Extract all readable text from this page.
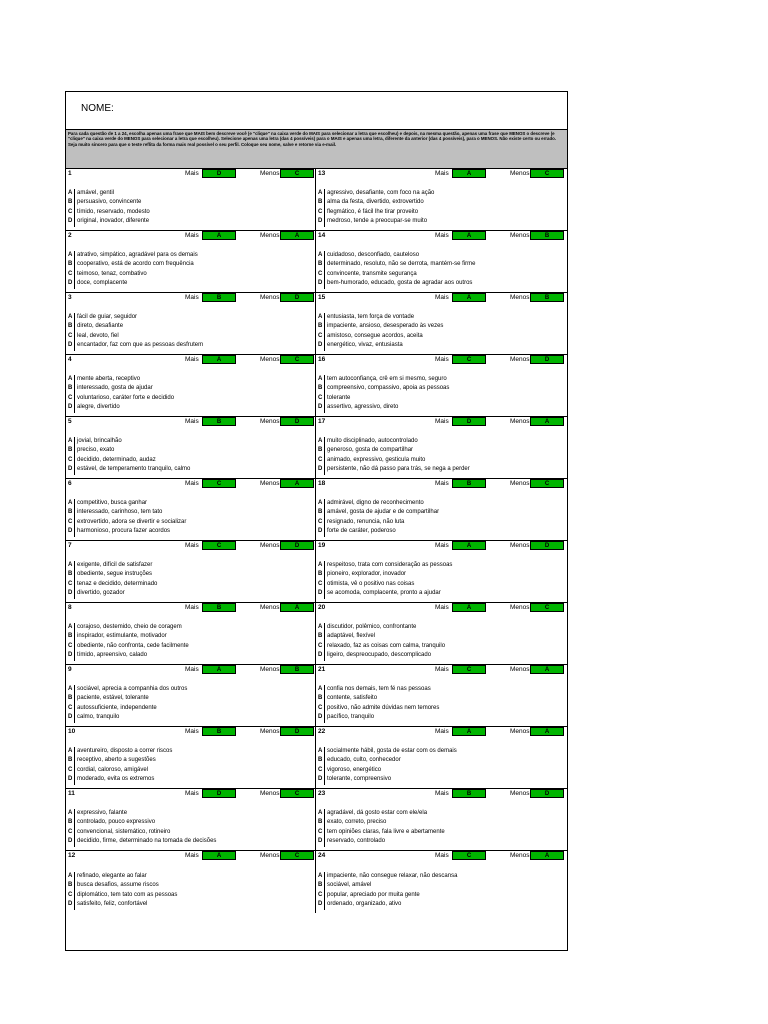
NOME:
Para cada questão de 1 a 24, escolha apenas uma frase que MAIS bem descreve você (e "clique" na caixa verde do MAIS para selecionar a letra que escolheu) e depois, na mesma questão, apenas uma frase que MENOS o descreve (e "clique" na caixa verde do MENOS para selecionar a letra que escolheu). Selecione apenas uma letra (das 4 possíveis) para o MAIS e apenas uma letra, diferente da anterior (das 4 possíveis), para o MENOS. Não existe certo ou errado. Seja muito sincero para que o teste reflita da forma mais real possível o seu perfil. Coloque seu nome, salve e retorne via e-mail.
1	Mais	D	Menos	C
A amável, gentil
B persuasivo, convincente
C tímido, reservado, modesto
D original, inovador, diferente
13	Mais	A	Menos	C
A agressivo, desafiante, com foco na ação
B alma da festa, divertido, extrovertido
C flegmático, é fácil lhe tirar proveito
D medroso, tende a preocupar-se muito
2	Mais	A	Menos	A
A atrativo, simpático, agradável para os demais
B cooperativo, está de acordo com frequência
C teimoso, tenaz, combativo
D doce, complacente
14	Mais	A	Menos	B
A cuidadoso, desconfiado, cauteloso
B determinado, resoluto, não se derrota, mantém-se firme
C convincente, transmite segurança
D bem-humorado, educado, gosta de agradar aos outros
3	Mais	B	Menos	D
A fácil de guiar, seguidor
B direto, desafiante
C leal, devoto, fiel
D encantador, faz com que as pessoas desfrutem
15	Mais	A	Menos	B
A entusiasta, tem força de vontade
B impaciente, ansioso, desesperado às vezes
C amistoso, consegue acordos, aceita
D energético, vivaz, entusiasta
4	Mais	A	Menos	C
A mente aberta, receptivo
B interessado, gosta de ajudar
C voluntarioso, caráter forte e decidido
D alegre, divertido
16	Mais	C	Menos	D
A tem autoconfiança, crê em si mesmo, seguro
B compreensivo, compassivo, apoia as pessoas
C tolerante
D assertivo, agressivo, direto
5	Mais	B	Menos	D
A jovial, brincalhão
B preciso, exato
C decidido, determinado, audaz
D estável, de temperamento tranquilo, calmo
17	Mais	D	Menos	A
A muito disciplinado, autocontrolado
B generoso, gosta de compartilhar
C animado, expressivo, gesticula muito
D persistente, não dá passo para trás, se nega a perder
6	Mais	C	Menos	A
A competitivo, busca ganhar
B interessado, carinhoso, tem tato
C extrovertido, adora se divertir e socializar
D harmonioso, procura fazer acordos
18	Mais	B	Menos	C
A admirável, digno de reconhecimento
B amável, gosta de ajudar e de compartilhar
C resignado, renuncia, não luta
D forte de caráter, poderoso
7	Mais	C	Menos	D
A exigente, difícil de satisfazer
B obediente, segue instruções
C tenaz e decidido, determinado
D divertido, gozador
19	Mais	A	Menos	D
A respeitoso, trata com consideração as pessoas
B pioneiro, explorador, inovador
C otimista, vê o positivo nas coisas
D se acomoda, complacente, pronto a ajudar
8	Mais	B	Menos	A
A corajoso, destemido, cheio de coragem
B inspirador, estimulante, motivador
C obediente, não confronta, cede facilmente
D tímido, apreensivo, calado
20	Mais	A	Menos	C
A discutidor, polêmico, confrontante
B adaptável, flexível
C relaxado, faz as coisas com calma, tranquilo
D ligeiro, despreocupado, descomplicado
9	Mais	A	Menos	B
A sociável, aprecia a companhia dos outros
B paciente, estável, tolerante
C autossuficiente, independente
D calmo, tranquilo
21	Mais	C	Menos	A
A confia nos demais, tem fé nas pessoas
B contente, satisfeito
C positivo, não admite dúvidas nem temores
D pacífico, tranquilo
10	Mais	B	Menos	D
A aventureiro, disposto a correr riscos
B receptivo, aberto a sugestões
C cordial, caloroso, amigável
D moderado, evita os extremos
22	Mais	A	Menos	A
A socialmente hábil, gosta de estar com os demais
B educado, culto, conhecedor
C vigoroso, energético
D tolerante, compreensivo
11	Mais	D	Menos	C
A expressivo, falante
B controlado, pouco expressivo
C convencional, sistemático, rotineiro
D decidido, firme, determinado na tomada de decisões
23	Mais	B	Menos	D
A agradável, dá gosto estar com ele/ela
B exato, correto, preciso
C tem opiniões claras, fala livre e abertamente
D reservado, controlado
12	Mais	A	Menos	C
A refinado, elegante ao falar
B busca desafios, assume riscos
C diplomático, tem tato com as pessoas
D satisfeito, feliz, confortável
24	Mais	C	Menos	A
A impaciente, não consegue relaxar, não descansa
B sociável, amável
C popular, apreciado por muita gente
D ordenado, organizado, ativo
